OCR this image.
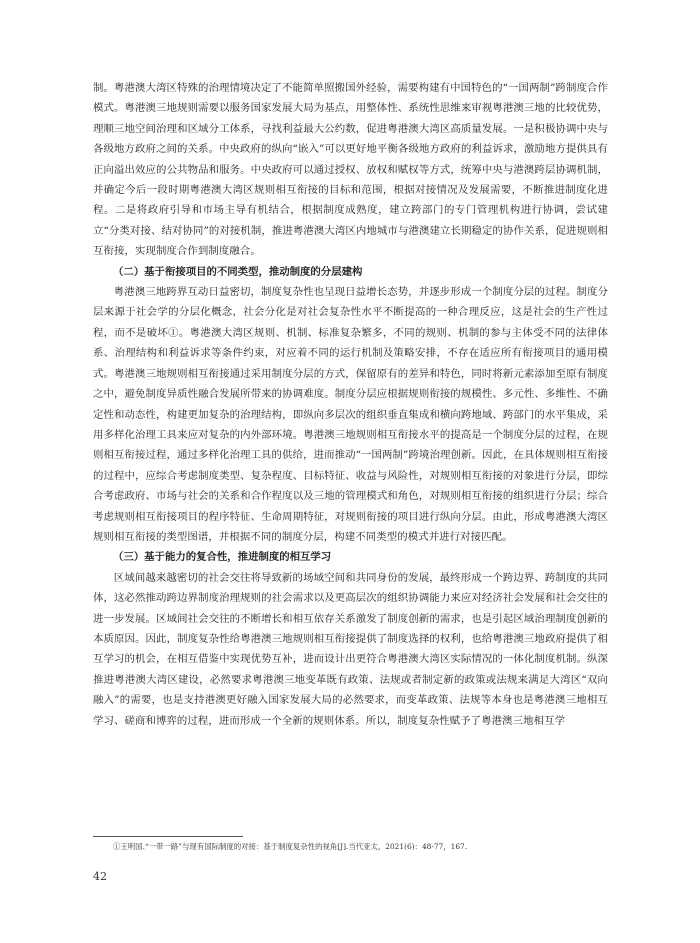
制。粤港澳大湾区特殊的治理情境决定了不能简单照搬国外经验，需要构建有中国特色的“一国两制”跨制度合作模式。粤港澳三地规则需要以服务国家发展大局为基点，用整体性、系统性思维来审视粤港澳三地的比较优势，理顺三地空间治理和区域分工体系，寻找利益最大公约数，促进粤港澳大湾区高质量发展。一是积极协调中央与各级地方政府之间的关系。中央政府的纵向“嵌入”可以更好地平衡各级地方政府的利益诉求，激励地方提供具有正向溢出效应的公共物品和服务。中央政府可以通过授权、放权和赋权等方式，统筹中央与港澳跨层协调机制，并确定今后一段时期粤港澳大湾区规则相互衔接的目标和范围，根据对接情况及发展需要，不断推进制度化进程。二是将政府引导和市场主导有机结合，根据制度成熟度，建立跨部门的专门管理机构进行协调，尝试建立“分类对接、结对协同”的对接机制，推进粤港澳大湾区内地城市与港澳建立长期稳定的协作关系，促进规则相互衔接，实现制度合作到制度融合。

（二）基于衔接项目的不同类型，推动制度的分层建构

粤港澳三地跨界互动日益密切，制度复杂性也呈现日益增长态势，并逐步形成一个制度分层的过程。制度分层来源于社会学的分层化概念，社会分化是对社会复杂性水平不断提高的一种合理反应，这是社会的生产性过程，而不是破坏①。粤港澳大湾区规则、机制、标准复杂繁多，不同的规则、机制的参与主体受不同的法律体系、治理结构和利益诉求等条件约束，对应着不同的运行机制及策略安排，不存在适应所有衔接项目的通用模式。粤港澳三地规则相互衔接通过采用制度分层的方式，保留原有的差异和特色，同时将新元素添加至原有制度之中，避免制度异质性融合发展所带来的协调难度。制度分层应根据规则衔接的规模性、多元性、多维性、不确定性和动态性，构建更加复杂的治理结构，即纵向多层次的组织垂直集成和横向跨地域、跨部门的水平集成，采用多样化治理工具来应对复杂的内外部环境。粤港澳三地规则相互衔接水平的提高是一个制度分层的过程，在规则相互衔接过程，通过多样化治理工具的供给，进而推动“一国两制”跨境治理创新。因此，在具体规则相互衔接的过程中，应综合考虑制度类型、复杂程度、目标特征、收益与风险性，对规则相互衔接的对象进行分层，即综合考虑政府、市场与社会的关系和合作程度以及三地的管理模式和角色，对规则相互衔接的组织进行分层；综合考虑规则相互衔接项目的程序特征、生命周期特征，对规则衔接的项目进行纵向分层。由此，形成粤港澳大湾区规则相互衔接的类型图谱，并根据不同的制度分层，构建不同类型的模式并进行对接匹配。

（三）基于能力的复合性，推进制度的相互学习

区域间越来越密切的社会交往将导致新的场域空间和共同身份的发展，最终形成一个跨边界、跨制度的共同体，这必然推动跨边界制度治理规则的社会需求以及更高层次的组织协调能力来应对经济社会发展和社会交往的进一步发展。区域间社会交往的不断增长和相互依存关系激发了制度创新的需求，也是引起区域治理制度创新的本质原因。因此，制度复杂性给粤港澳三地规则相互衔接提供了制度选择的权利，也给粤港澳三地政府提供了相互学习的机会，在相互借鉴中实现优势互补，进而设计出更符合粤港澳大湾区实际情况的一体化制度机制。纵深推进粤港澳大湾区建设，必然要求粤港澳三地变革既有政策、法规或者制定新的政策或法规来满足大湾区“双向融入”的需要，也是支持港澳更好融入国家发展大局的必然要求，而变革政策、法规等本身也是粤港澳三地相互学习、磋商和博弈的过程，进而形成一个全新的规则体系。所以，制度复杂性赋予了粤港澳三地相互学

①王明国.“一带一路”与现有国际制度的对接：基于制度复杂性的视角[J].当代亚太，2021(6)：48-77，167.

42
